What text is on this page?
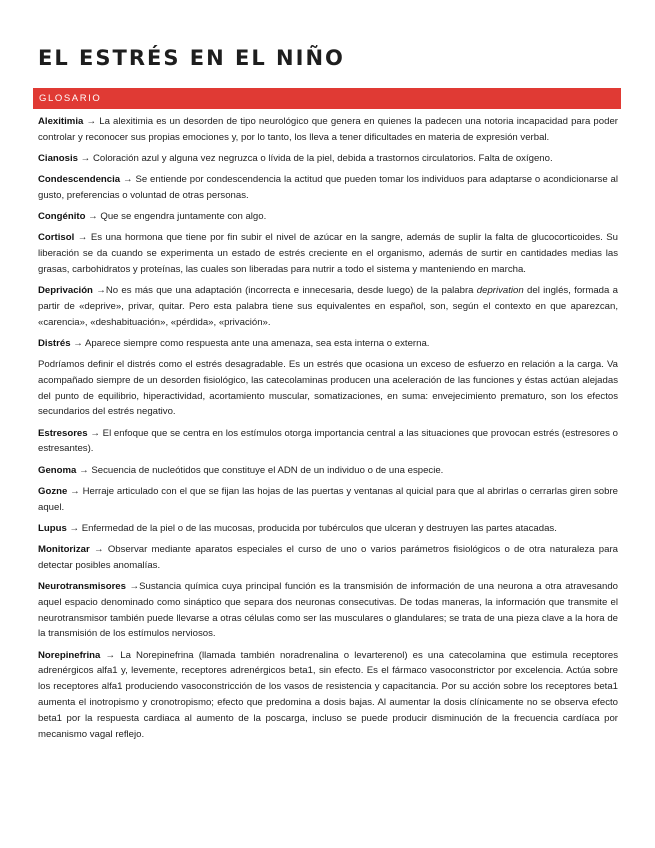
EL ESTRÉS EN EL NIÑO
GLOSARIO

Alexitimia → La alexitimia es un desorden de tipo neurológico que genera en quienes la padecen una notoria incapacidad para poder controlar y reconocer sus propias emociones y, por lo tanto, los lleva a tener dificultades en materia de expresión verbal.

Cianosis → Coloración azul y alguna vez negruzca o lívida de la piel, debida a trastornos circulatorios. Falta de oxígeno.

Condescendencia → Se entiende por condescendencia la actitud que pueden tomar los individuos para adaptarse o acondicionarse al gusto, preferencias o voluntad de otras personas.

Congénito → Que se engendra juntamente con algo.

Cortisol → Es una hormona que tiene por fin subir el nivel de azúcar en la sangre, además de suplir la falta de glucocorticoides. Su liberación se da cuando se experimenta un estado de estrés creciente en el organismo, además de surtir en cantidades medias las grasas, carbohidratos y proteínas, las cuales son liberadas para nutrir a todo el sistema y manteniendo en marcha.

Deprivación →No es más que una adaptación (incorrecta e innecesaria, desde luego) de la palabra deprivation del inglés, formada a partir de «deprive», privar, quitar. Pero esta palabra tiene sus equivalentes en español, son, según el contexto en que aparezcan, «carencia», «deshabituación», «pérdida», «privación».

Distrés → Aparece siempre como respuesta ante una amenaza, sea esta interna o externa.

Podríamos definir el distrés como el estrés desagradable. Es un estrés que ocasiona un exceso de esfuerzo en relación a la carga. Va acompañado siempre de un desorden fisiológico, las catecolaminas producen una aceleración de las funciones y éstas actúan alejadas del punto de equilibrio, hiperactividad, acortamiento muscular, somatizaciones, en suma: envejecimiento prematuro, son los efectos secundarios del estrés negativo.

Estresores → El enfoque que se centra en los estímulos otorga importancia central a las situaciones que provocan estrés (estresores o estresantes).

Genoma → Secuencia de nucleótidos que constituye el ADN de un individuo o de una especie.

Gozne → Herraje articulado con el que se fijan las hojas de las puertas y ventanas al quicial para que al abrirlas o cerrarlas giren sobre aquel.

Lupus → Enfermedad de la piel o de las mucosas, producida por tubérculos que ulceran y destruyen las partes atacadas.

Monitorizar → Observar mediante aparatos especiales el curso de uno o varios parámetros fisiológicos o de otra naturaleza para detectar posibles anomalías.

Neurotransmisores →Sustancia química cuya principal función es la transmisión de información de una neurona a otra atravesando aquel espacio denominado como sináptico que separa dos neuronas consecutivas. De todas maneras, la información que transmite el neurotransmisor también puede llevarse a otras células como ser las musculares o glandulares; se trata de una pieza clave a la hora de la transmisión de los estímulos nerviosos.

Norepinefrina → La Norepinefrina (llamada también noradrenalina o levarterenol) es una catecolamina que estimula receptores adrenérgicos alfa1 y, levemente, receptores adrenérgicos beta1, sin efecto. Es el fármaco vasoconstrictor por excelencia. Actúa sobre los receptores alfa1 produciendo vasoconstricción de los vasos de resistencia y capacitancia. Por su acción sobre los receptores beta1 aumenta el inotropismo y cronotropismo; efecto que predomina a dosis bajas. Al aumentar la dosis clínicamente no se observa efecto beta1 por la respuesta cardiaca al aumento de la poscarga, incluso se puede producir disminución de la frecuencia cardíaca por mecanismo vagal reflejo.
